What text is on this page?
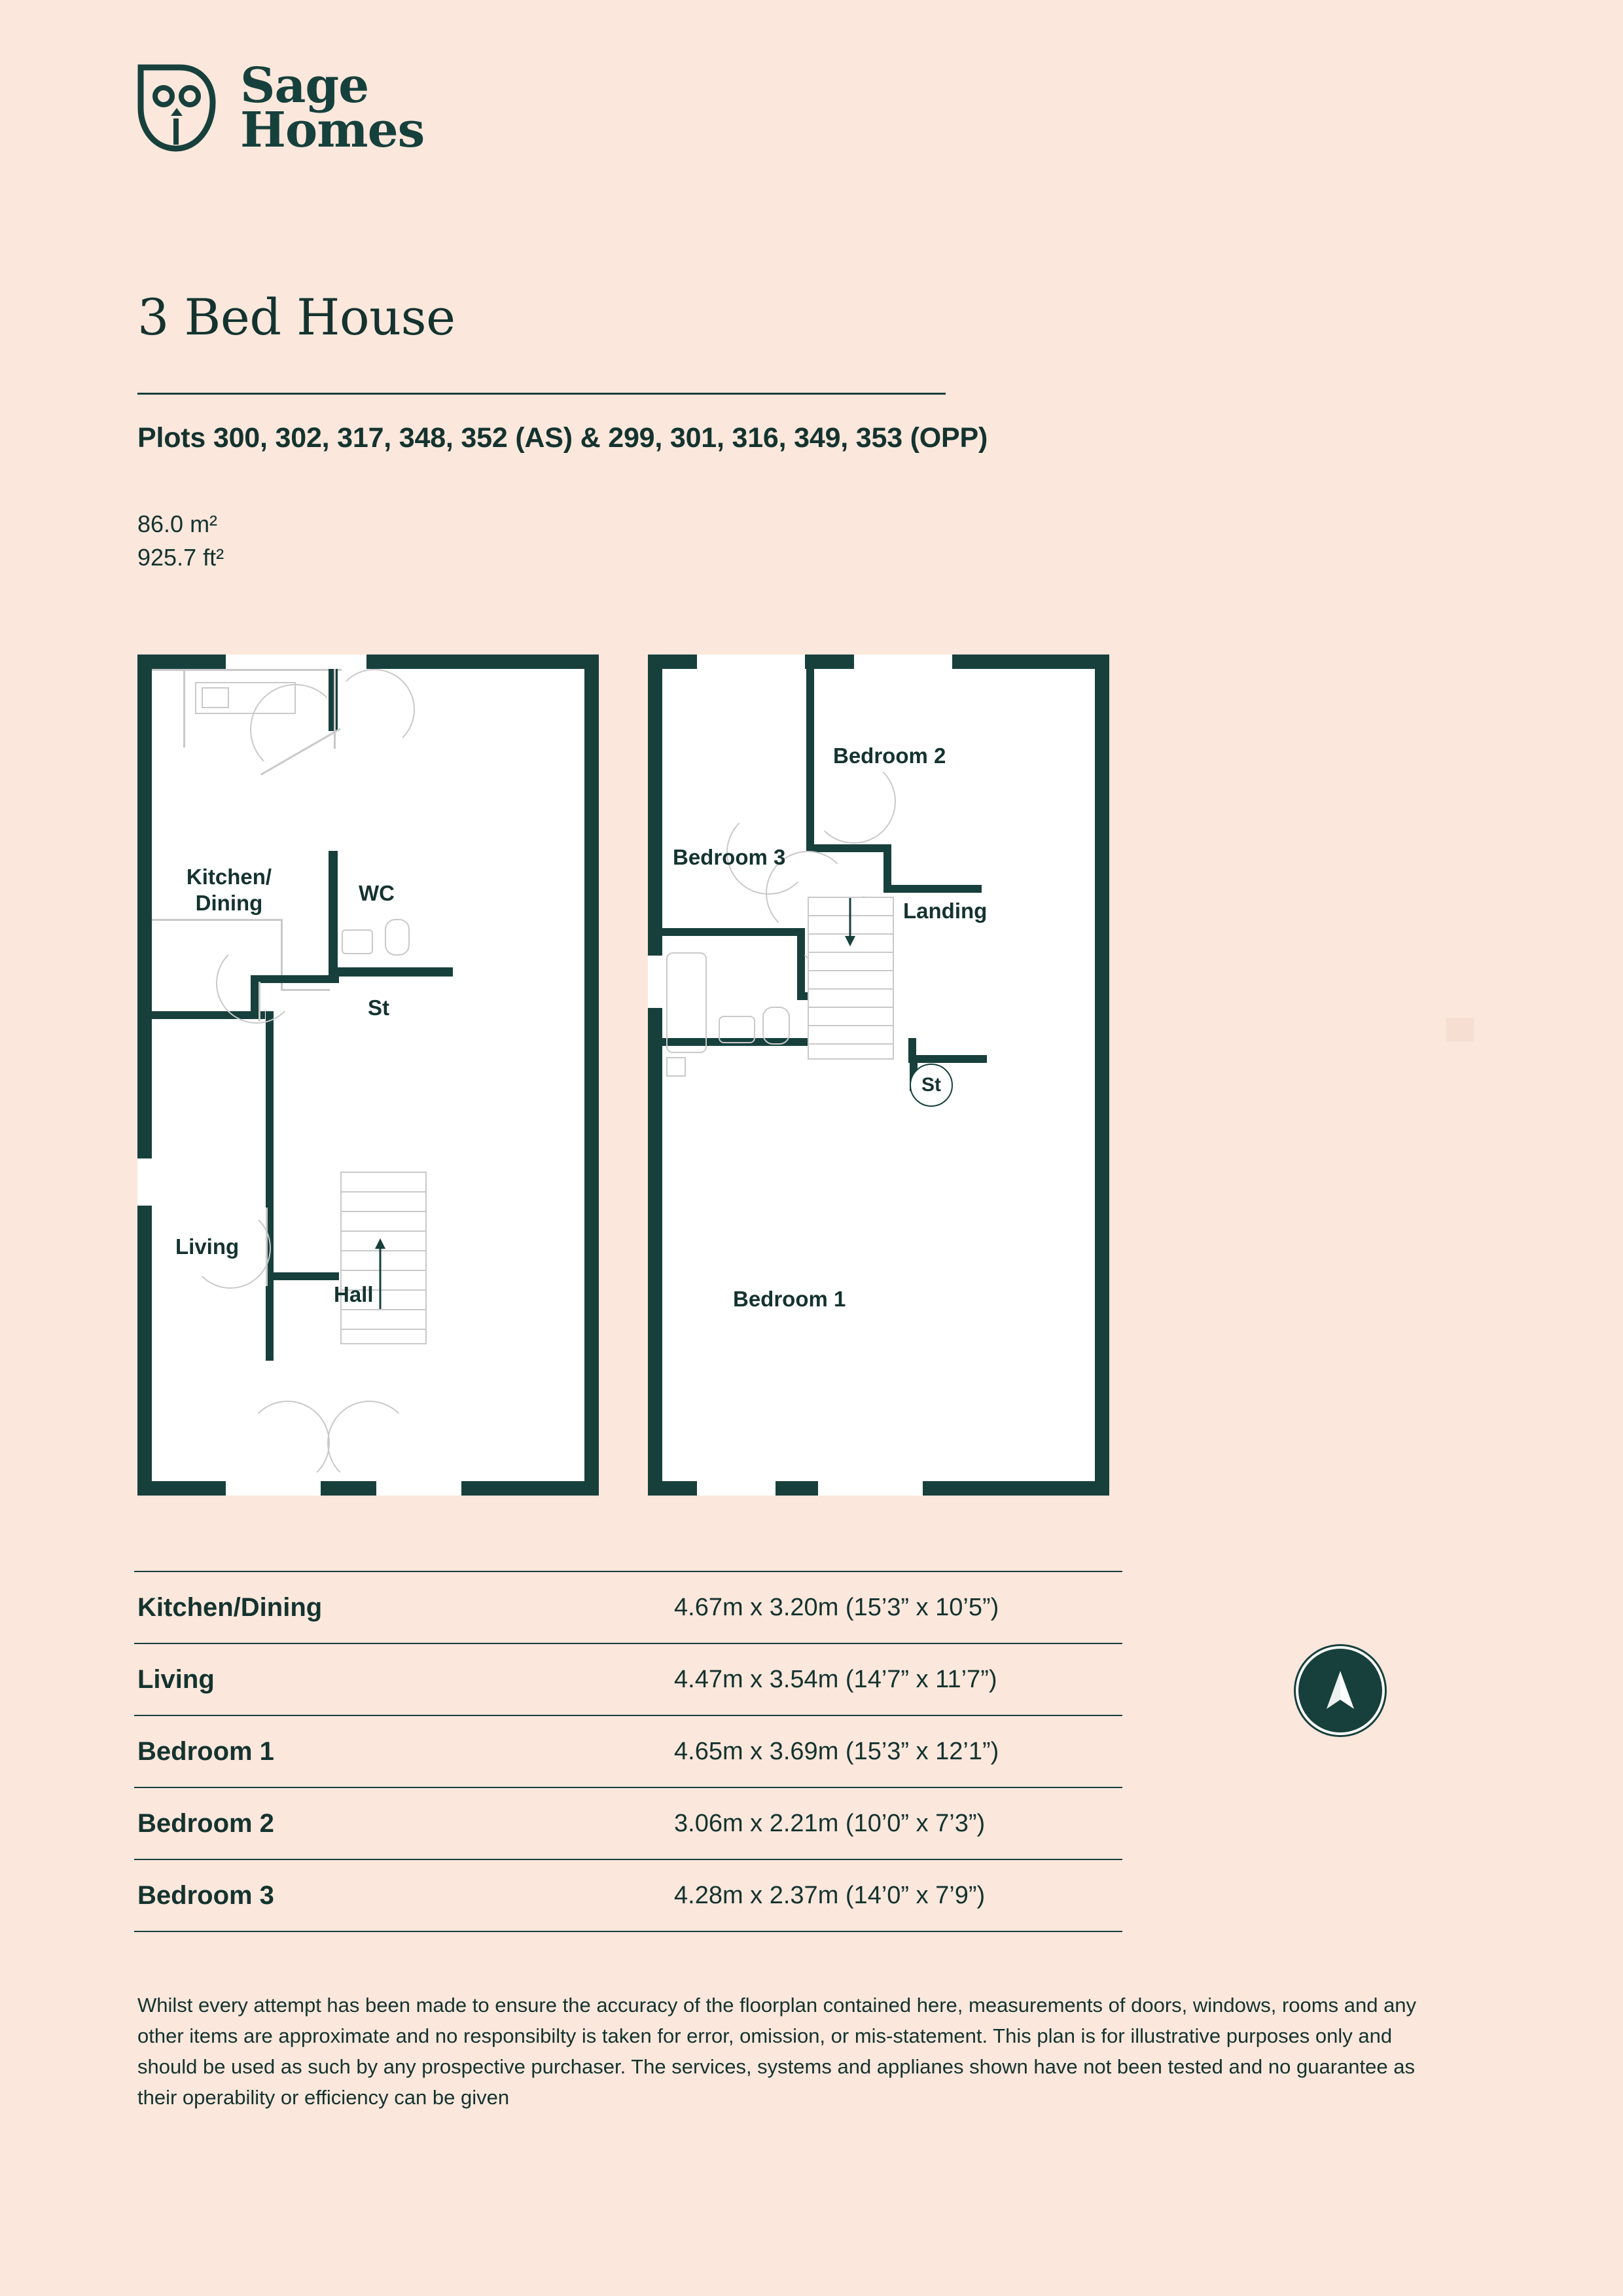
Sage
Homes
3 Bed House
Plots 300, 302, 317, 348, 352 (AS) & 299, 301, 316, 349, 353 (OPP)
86.0 m²
925.7 ft²
Kitchen/
Dining	WC
St
Living
Hall
Bedroom 3
Bedroom 2
Landing
St
Bedroom 1
Kitchen/Dining	4.67m x 3.20m (15’3” x 10’5”)
Living	4.47m x 3.54m (14’7” x 11’7”)
Bedroom 1	4.65m x 3.69m (15’3” x 12’1”)
Bedroom 2	3.06m x 2.21m (10’0” x 7’3”)
Bedroom 3	4.28m x 2.37m (14’0” x 7’9”)
Whilst every attempt has been made to ensure the accuracy of the floorplan contained here, measurements of doors, windows, rooms and any other items are approximate and no responsibilty is taken for error, omission, or mis-statement. This plan is for illustrative purposes only and should be used as such by any prospective purchaser. The services, systems and applianes shown have not been tested and no guarantee as their operability or efficiency can be given
